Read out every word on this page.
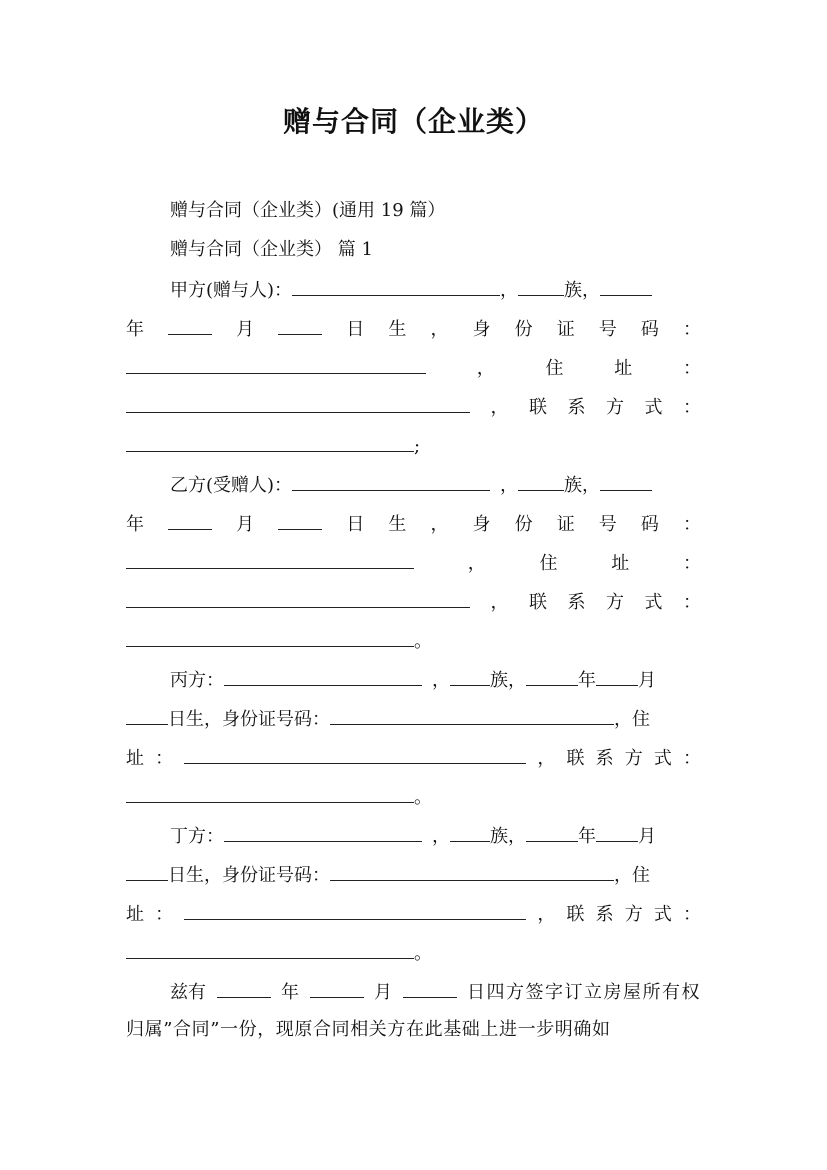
赠与合同（企业类）
赠与合同（企业类）(通用 19 篇）
赠与合同（企业类） 篇 1
甲方(赠与人)：	，	族，
年	月	日 生 ， 身 份 证 号 码 ：
，	住	址	：
， 联 系 方 式 ：
;
乙方(受赠人)：	，	族，
年	月	日 生 ， 身 份 证 号 码 ：
，	住	址	：
， 联 系 方 式 ：
。
丙方：	， 族，	年 月
日生，身份证号码：	，住
址 ：	， 联 系 方 式 ：
。
丁方：	， 族，	年 月
日生，身份证号码：	，住
址 ：	， 联 系 方 式 ：
。
兹有	年	月	日四方签字订立房屋所有权
归属”合同”一份，现原合同相关方在此基础上进一步明确如
